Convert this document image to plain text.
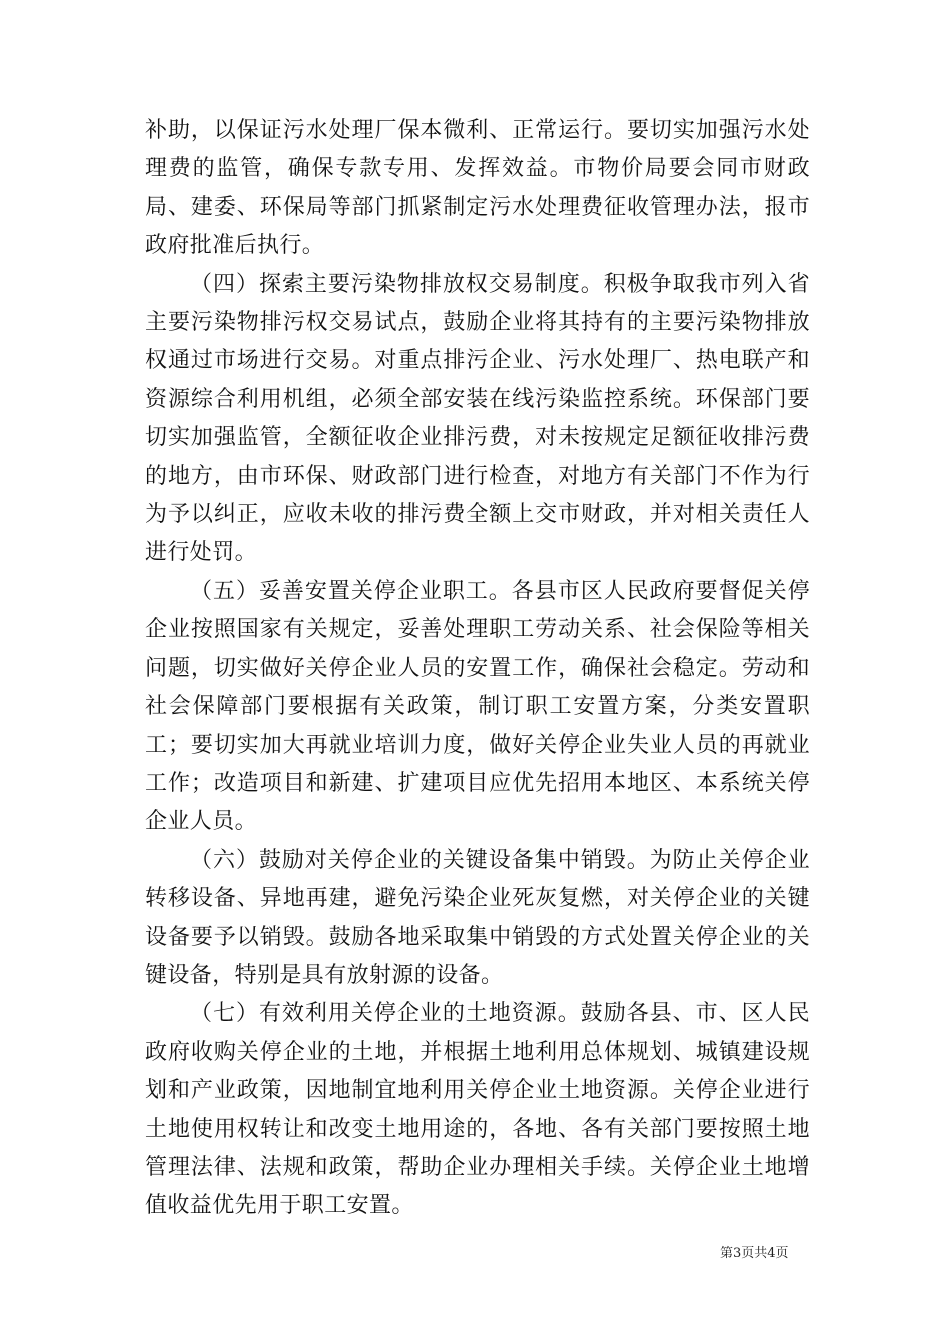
补助，以保证污水处理厂保本微利、正常运行。要切实加强污水处理费的监管，确保专款专用、发挥效益。市物价局要会同市财政局、建委、环保局等部门抓紧制定污水处理费征收管理办法，报市政府批准后执行。

（四）探索主要污染物排放权交易制度。积极争取我市列入省主要污染物排污权交易试点，鼓励企业将其持有的主要污染物排放权通过市场进行交易。对重点排污企业、污水处理厂、热电联产和资源综合利用机组，必须全部安装在线污染监控系统。环保部门要切实加强监管，全额征收企业排污费，对未按规定足额征收排污费的地方，由市环保、财政部门进行检查，对地方有关部门不作为行为予以纠正，应收未收的排污费全额上交市财政，并对相关责任人进行处罚。

（五）妥善安置关停企业职工。各县市区人民政府要督促关停企业按照国家有关规定，妥善处理职工劳动关系、社会保险等相关问题，切实做好关停企业人员的安置工作，确保社会稳定。劳动和社会保障部门要根据有关政策，制订职工安置方案，分类安置职工；要切实加大再就业培训力度，做好关停企业失业人员的再就业工作；改造项目和新建、扩建项目应优先招用本地区、本系统关停企业人员。

（六）鼓励对关停企业的关键设备集中销毁。为防止关停企业转移设备、异地再建，避免污染企业死灰复燃，对关停企业的关键设备要予以销毁。鼓励各地采取集中销毁的方式处置关停企业的关键设备，特别是具有放射源的设备。

（七）有效利用关停企业的土地资源。鼓励各县、市、区人民政府收购关停企业的土地，并根据土地利用总体规划、城镇建设规划和产业政策，因地制宜地利用关停企业土地资源。关停企业进行土地使用权转让和改变土地用途的，各地、各有关部门要按照土地管理法律、法规和政策，帮助企业办理相关手续。关停企业土地增值收益优先用于职工安置。

第3页共4页
